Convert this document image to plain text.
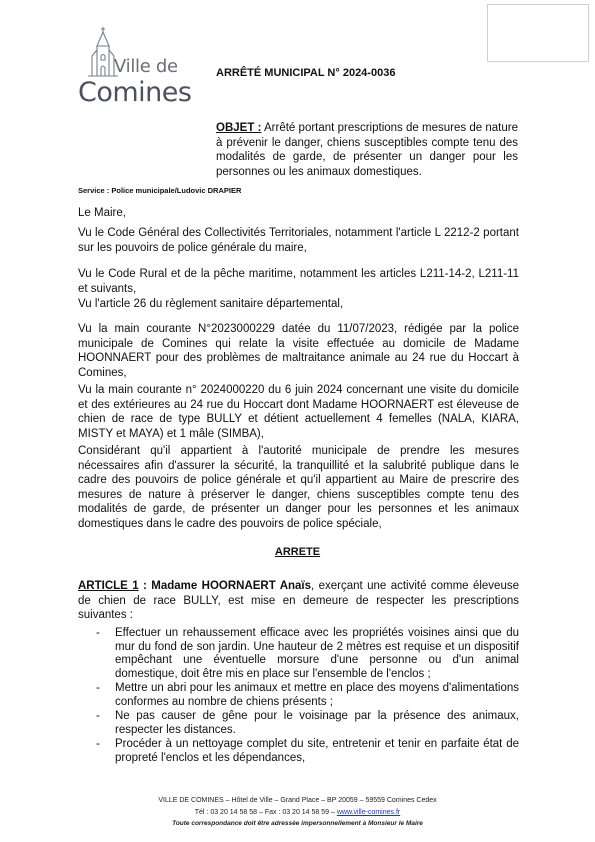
Ville de
Comines
ARRÊTÉ MUNICIPAL N° 2024-0036
OBJET : Arrêté portant prescriptions de mesures de nature à prévenir le danger, chiens susceptibles compte tenu des modalités de garde, de présenter un danger pour les personnes ou les animaux domestiques.
Service : Police municipale/Ludovic DRAPIER

Le Maire,

Vu le Code Général des Collectivités Territoriales, notamment l'article L 2212-2 portant sur les pouvoirs de police générale du maire,

Vu le Code Rural et de la pêche maritime, notamment les articles L211-14-2, L211-11 et suivants,

Vu l'article 26 du règlement sanitaire départemental,

Vu la main courante N°2023000229 datée du 11/07/2023, rédigée par la police municipale de Comines qui relate la visite effectuée au domicile de Madame HOONNAERT pour des problèmes de maltraitance animale au 24 rue du Hoccart à Comines,

Vu la main courante n° 2024000220 du 6 juin 2024 concernant une visite du domicile et des extérieures au 24 rue du Hoccart dont Madame HOORNAERT est éleveuse de chien de race de type BULLY et détient actuellement 4 femelles (NALA, KIARA, MISTY et MAYA) et 1 mâle (SIMBA),

Considérant qu'il appartient à l'autorité municipale de prendre les mesures nécessaires afin d'assurer la sécurité, la tranquillité et la salubrité publique dans le cadre des pouvoirs de police générale et qu'il appartient au Maire de prescrire des mesures de nature à préserver le danger, chiens susceptibles compte tenu des modalités de garde, de présenter un danger pour les personnes et les animaux domestiques dans le cadre des pouvoirs de police spéciale,

ARRETE

ARTICLE 1 : Madame HOORNAERT Anaïs, exerçant une activité comme éleveuse de chien de race BULLY, est mise en demeure de respecter les prescriptions suivantes :

- Effectuer un rehaussement efficace avec les propriétés voisines ainsi que du mur du fond de son jardin. Une hauteur de 2 mètres est requise et un dispositif empêchant une éventuelle morsure d'une personne ou d'un animal domestique, doit être mis en place sur l'ensemble de l'enclos ;
- Mettre un abri pour les animaux et mettre en place des moyens d'alimentations conformes au nombre de chiens présents ;
- Ne pas causer de gêne pour le voisinage par la présence des animaux, respecter les distances.
- Procéder à un nettoyage complet du site, entretenir et tenir en parfaite état de propreté l'enclos et les dépendances,
VILLE DE COMINES – Hôtel de Ville – Grand Place – BP 20059 – 59559 Comines Cedex
Tél : 03 20 14 58 58 – Fax : 03 20 14 58 59 – www.ville-comines.fr
Toute correspondance doit être adressée impersonnellement à Monsieur le Maire
